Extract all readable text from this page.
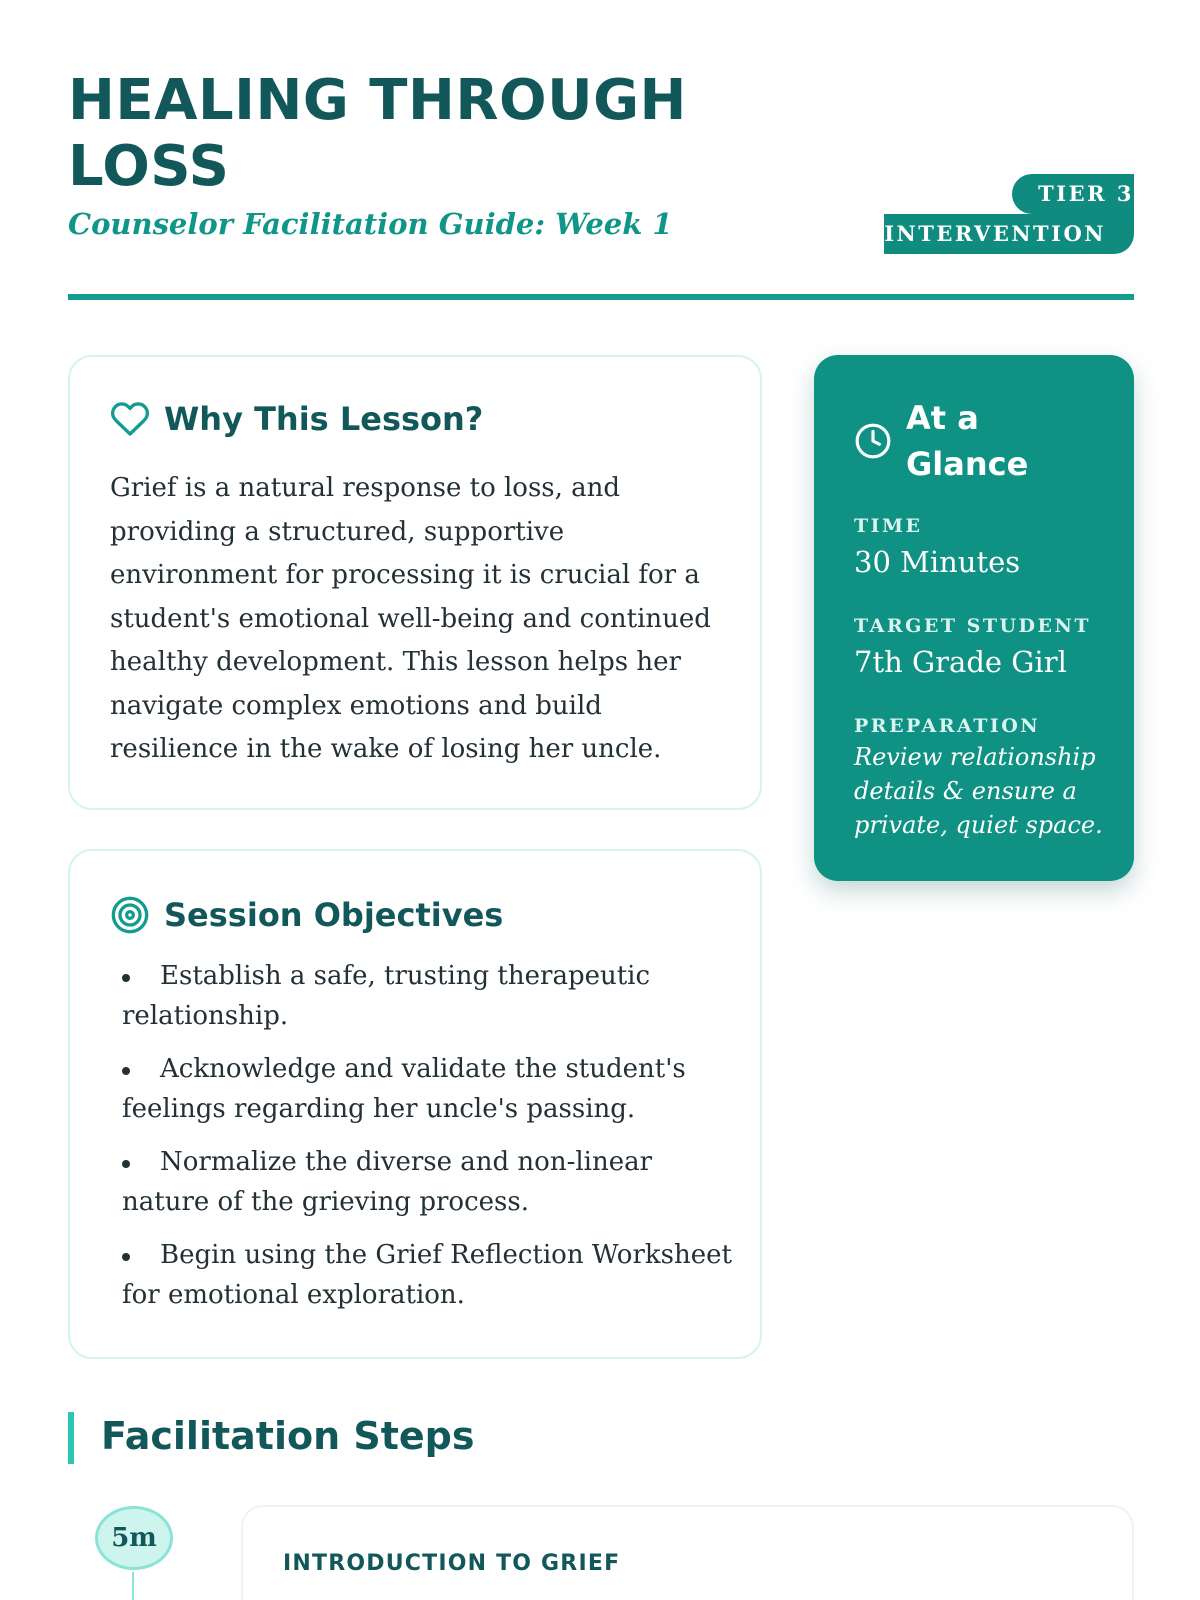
HEALING THROUGH LOSS
Counselor Facilitation Guide: Week 1
TIER 3
INTERVENTION
Why This Lesson?

Grief is a natural response to loss, and providing a structured, supportive environment for processing it is crucial for a student's emotional well-being and continued healthy development. This lesson helps her navigate complex emotions and build resilience in the wake of losing her uncle.

Session Objectives
Establish a safe, trusting therapeutic relationship.
Acknowledge and validate the student's feelings regarding her uncle's passing.
Normalize the diverse and non-linear nature of the grieving process.
Begin using the Grief Reflection Worksheet for emotional exploration.
At a Glance
TIME
30 Minutes
TARGET STUDENT
7th Grade Girl
PREPARATION
Review relationship details & ensure a private, quiet space.
Facilitation Steps
5m
INTRODUCTION TO GRIEF
